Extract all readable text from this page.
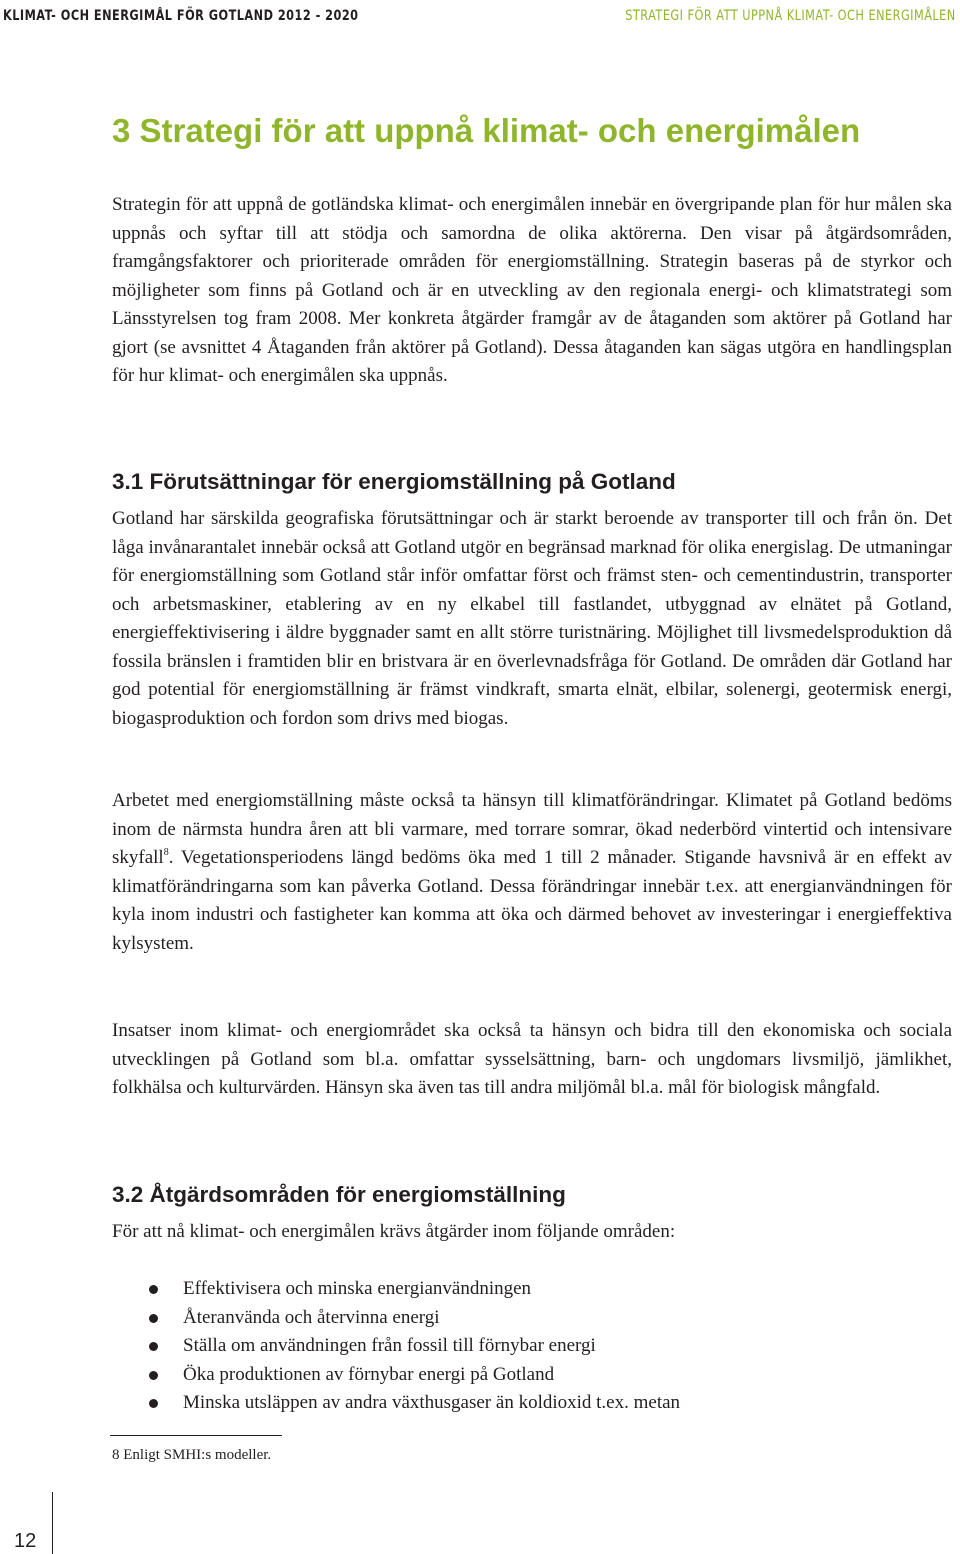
KLIMAT- OCH ENERGIMÅL FÖR GOTLAND 2012 - 2020	STRATEGI FÖR ATT UPPNÅ KLIMAT- OCH ENERGIMÅLEN
3 Strategi för att uppnå klimat- och energimålen

Strategin för att uppnå de gotländska klimat- och energimålen innebär en övergripande plan för hur målen ska uppnås och syftar till att stödja och samordna de olika aktörerna. Den visar på åtgärdsområden, framgångsfaktorer och prioriterade områden för energiomställning. Strategin baseras på de styrkor och möjligheter som finns på Gotland och är en utveckling av den regionala energi- och klimatstrategi som Länsstyrelsen tog fram 2008. Mer konkreta åtgärder framgår av de åtaganden som aktörer på Gotland har gjort (se avsnittet 4 Åtaganden från aktörer på Gotland). Dessa åtaganden kan sägas utgöra en handlingsplan för hur klimat- och energimålen ska uppnås.

3.1 Förutsättningar för energiomställning på Gotland

Gotland har särskilda geografiska förutsättningar och är starkt beroende av transporter till och från ön. Det låga invånarantalet innebär också att Gotland utgör en begränsad marknad för olika energislag. De utmaningar för energiomställning som Gotland står inför omfattar först och främst sten- och cementindustrin, transporter och arbetsmaskiner, etablering av en ny elkabel till fastlandet, utbyggnad av elnätet på Gotland, energieffektivisering i äldre byggnader samt en allt större turistnäring. Möjlighet till livsmedelsproduktion då fossila bränslen i framtiden blir en bristvara är en överlevnadsfråga för Gotland. De områden där Gotland har god potential för energiomställning är främst vindkraft, smarta elnät, elbilar, solenergi, geotermisk energi, biogasproduktion och fordon som drivs med biogas.

Arbetet med energiomställning måste också ta hänsyn till klimatförändringar. Klimatet på Gotland bedöms inom de närmsta hundra åren att bli varmare, med torrare somrar, ökad nederbörd vintertid och intensivare skyfall$^8$. Vegetationsperiodens längd bedöms öka med 1 till 2 månader. Stigande havsnivå är en effekt av klimatförändringarna som kan påverka Gotland. Dessa förändringar innebär t.ex. att energianvändningen för kyla inom industri och fastigheter kan komma att öka och därmed behovet av investeringar i energieffektiva kylsystem.

Insatser inom klimat- och energiområdet ska också ta hänsyn och bidra till den ekonomiska och sociala utvecklingen på Gotland som bl.a. omfattar sysselsättning, barn- och ungdomars livsmiljö, jämlikhet, folkhälsa och kulturvärden. Hänsyn ska även tas till andra miljömål bl.a. mål för biologisk mångfald.

3.2 Åtgärdsområden för energiomställning

För att nå klimat- och energimålen krävs åtgärder inom följande områden:

Effektivisera och minska energianvändningen
Återanvända och återvinna energi
Ställa om användningen från fossil till förnybar energi
Öka produktionen av förnybar energi på Gotland
Minska utsläppen av andra växthusgaser än koldioxid t.ex. metan

8 Enligt SMHI:s modeller.

12
